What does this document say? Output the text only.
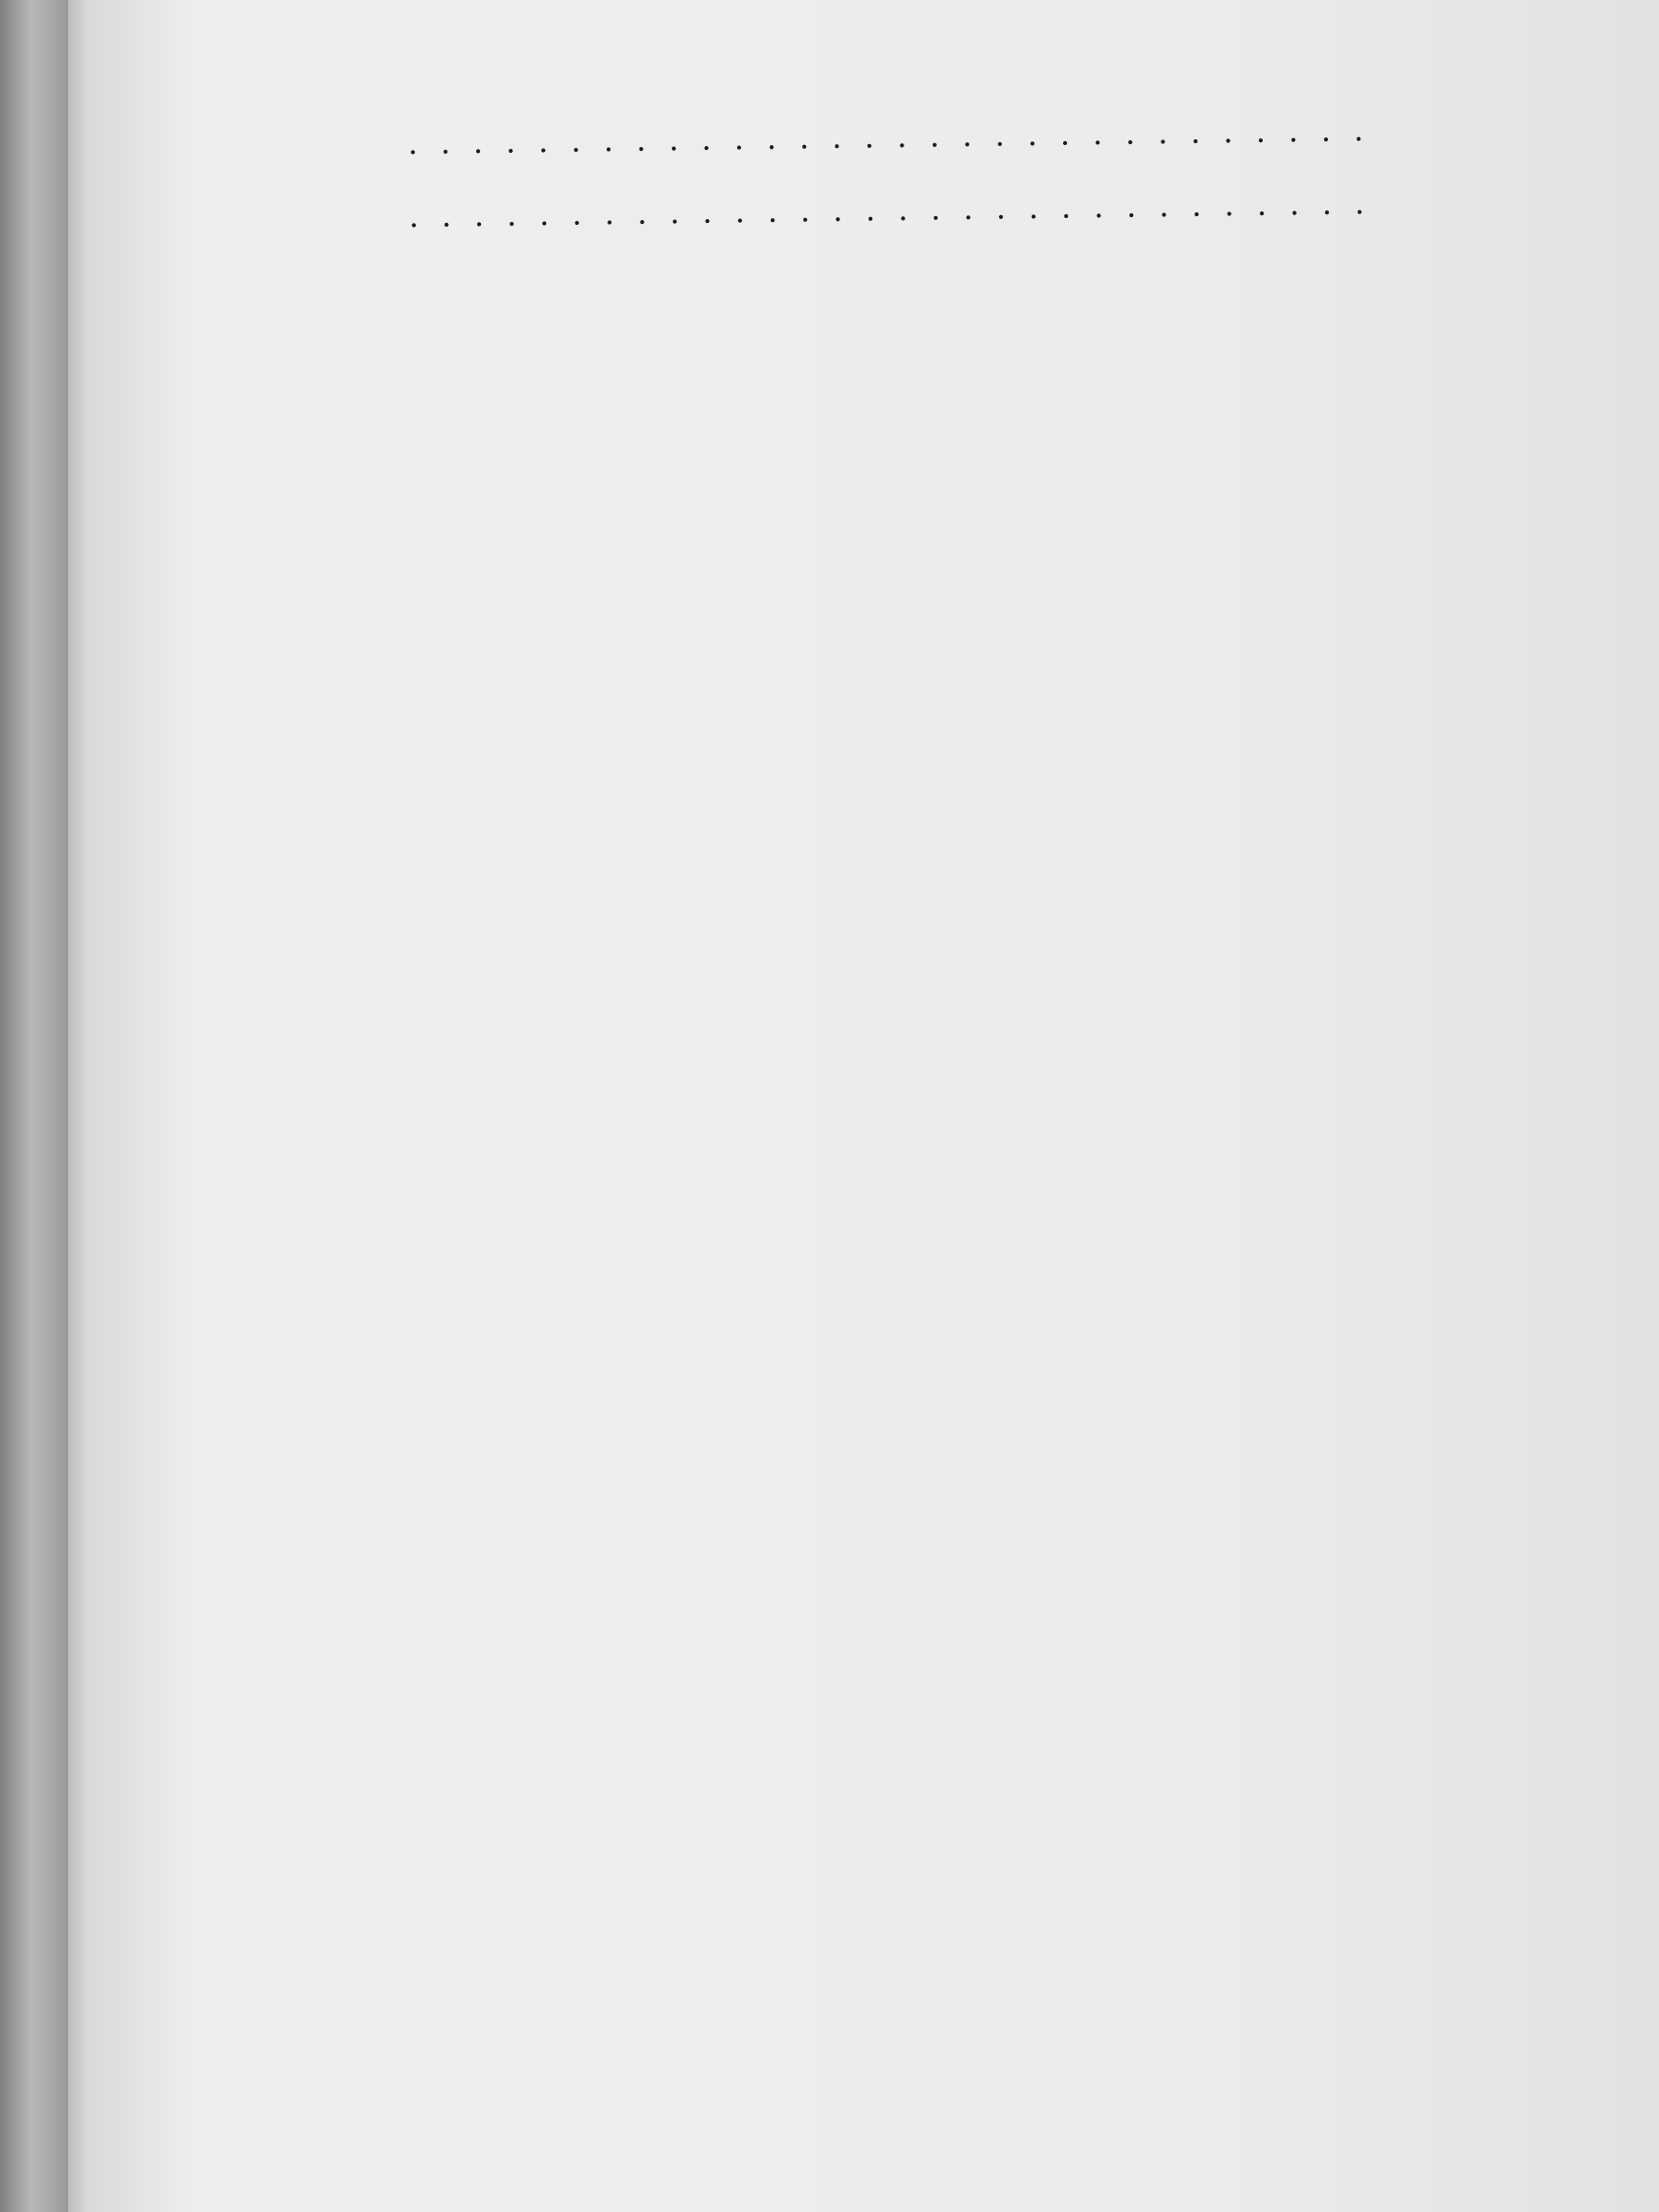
. . .
. . .
